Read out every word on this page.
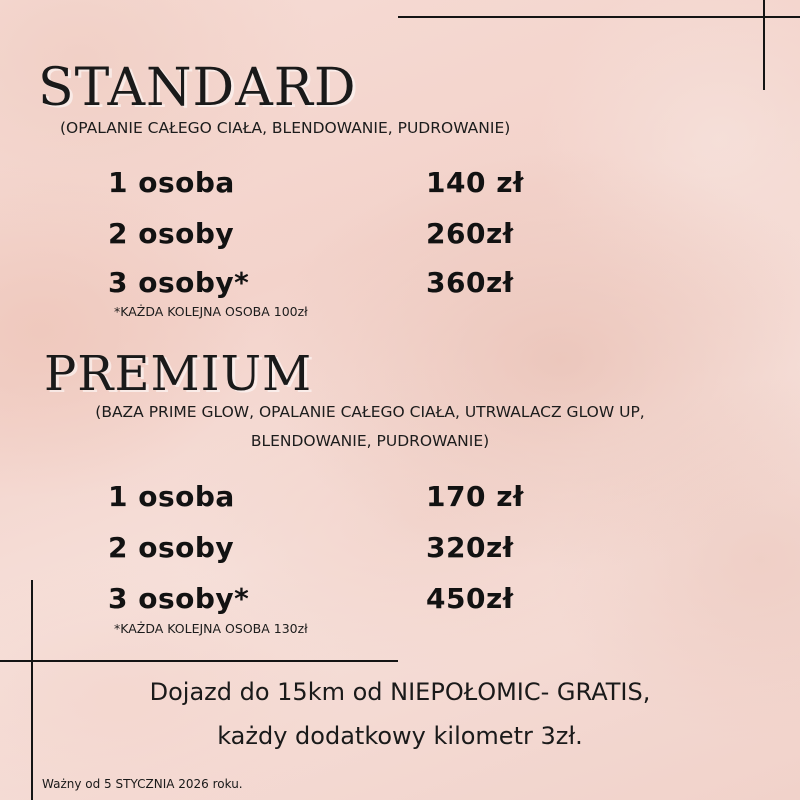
STANDARD
(OPALANIE CAŁEGO CIAŁA, BLENDOWANIE, PUDROWANIE)
1 osoba	140 zł
2 osoby	260zł
3 osoby*	360zł
*KAŻDA KOLEJNA OSOBA 100zł
PREMIUM
(BAZA PRIME GLOW, OPALANIE CAŁEGO CIAŁA, UTRWALACZ GLOW UP,
BLENDOWANIE, PUDROWANIE)
1 osoba	170 zł
2 osoby	320zł
3 osoby*	450zł
*KAŻDA KOLEJNA OSOBA 130zł
Dojazd do 15km od NIEPOŁOMIC- GRATIS,
każdy dodatkowy kilometr 3zł.
Ważny od 5 STYCZNIA 2026 roku.
